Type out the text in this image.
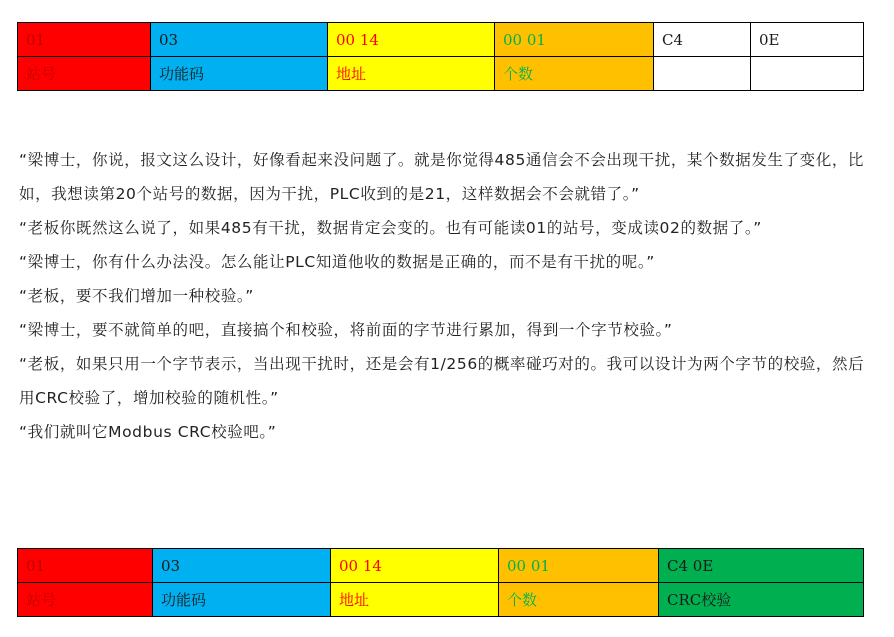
01	03	00 14	00 01	C4	0E
站号	功能码	地址	个数		

“梁博士，你说，报文这么设计，好像看起来没问题了。就是你觉得485通信会不会出现干扰，某个数据发生了变化，比如，我想读第20个站号的数据，因为干扰，PLC收到的是21，这样数据会不会就错了。”

“老板你既然这么说了，如果485有干扰，数据肯定会变的。也有可能读01的站号，变成读02的数据了。”

“梁博士，你有什么办法没。怎么能让PLC知道他收的数据是正确的，而不是有干扰的呢。”

“老板，要不我们增加一种校验。”

“梁博士，要不就简单的吧，直接搞个和校验，将前面的字节进行累加，得到一个字节校验。”

“老板，如果只用一个字节表示，当出现干扰时，还是会有1/256的概率碰巧对的。我可以设计为两个字节的校验，然后用CRC校验了，增加校验的随机性。”

“我们就叫它Modbus CRC校验吧。”

01	03	00 14	00 01	C4 0E
站号	功能码	地址	个数	CRC校验
